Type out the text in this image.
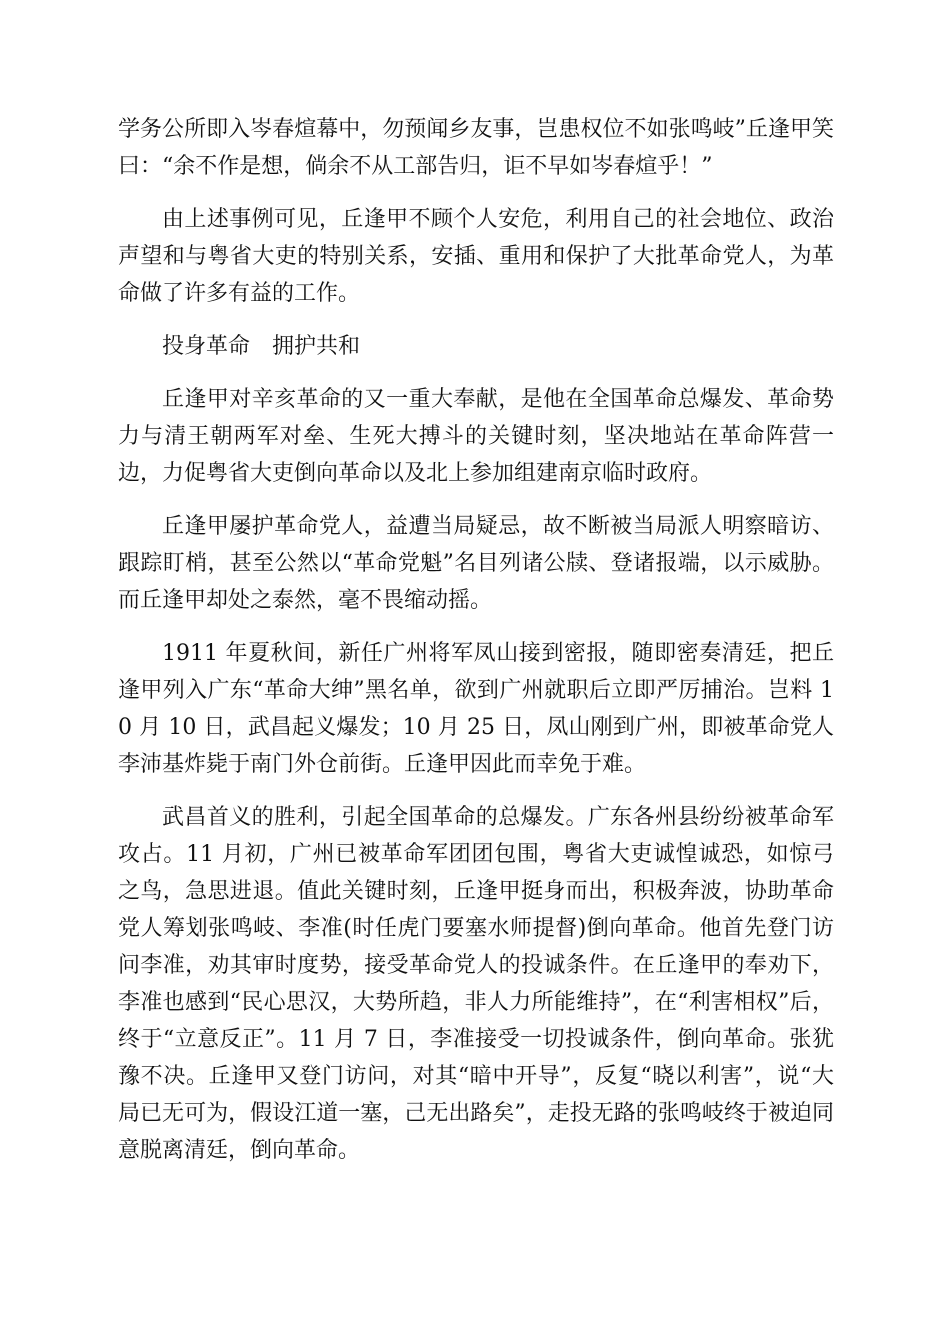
学务公所即入岑春煊幕中，勿预闻乡友事，岂患权位不如张鸣岐”丘逢甲笑曰：“余不作是想，倘余不从工部告归，讵不早如岑春煊乎！”

由上述事例可见，丘逢甲不顾个人安危，利用自己的社会地位、政治声望和与粤省大吏的特别关系，安插、重用和保护了大批革命党人，为革命做了许多有益的工作。

投身革命 拥护共和

丘逢甲对辛亥革命的又一重大奉献，是他在全国革命总爆发、革命势力与清王朝两军对垒、生死大搏斗的关键时刻，坚决地站在革命阵营一边，力促粤省大吏倒向革命以及北上参加组建南京临时政府。

丘逢甲屡护革命党人，益遭当局疑忌，故不断被当局派人明察暗访、跟踪盯梢，甚至公然以“革命党魁”名目列诸公牍、登诸报端，以示威胁。而丘逢甲却处之泰然，毫不畏缩动摇。

1911 年夏秋间，新任广州将军凤山接到密报，随即密奏清廷，把丘逢甲列入广东“革命大绅”黑名单，欲到广州就职后立即严厉捕治。岂料 10 月 10 日，武昌起义爆发；10 月 25 日，凤山刚到广州，即被革命党人李沛基炸毙于南门外仓前街。丘逢甲因此而幸免于难。

武昌首义的胜利，引起全国革命的总爆发。广东各州县纷纷被革命军攻占。11 月初，广州已被革命军团团包围，粤省大吏诚惶诚恐，如惊弓之鸟，急思进退。值此关键时刻，丘逢甲挺身而出，积极奔波，协助革命党人筹划张鸣岐、李准(时任虎门要塞水师提督)倒向革命。他首先登门访问李准，劝其审时度势，接受革命党人的投诚条件。在丘逢甲的奉劝下，李准也感到“民心思汉，大势所趋，非人力所能维持”，在“利害相权”后，终于“立意反正”。11 月 7 日，李准接受一切投诚条件，倒向革命。张犹豫不决。丘逢甲又登门访问，对其“暗中开导”，反复“晓以利害”，说“大局已无可为，假设江道一塞，己无出路矣”，走投无路的张鸣岐终于被迫同意脱离清廷，倒向革命。
